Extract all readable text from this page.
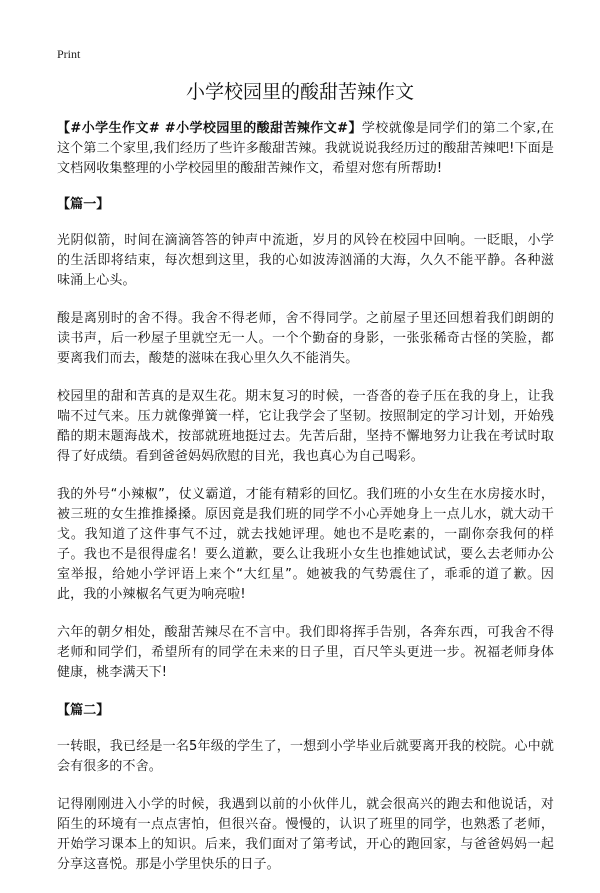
Print
小学校园里的酸甜苦辣作文

【#小学生作文# #小学校园里的酸甜苦辣作文#】学校就像是同学们的第二个家,在这个第二个家里,我们经历了些许多酸甜苦辣。我就说说我经历过的酸甜苦辣吧!下面是文档网收集整理的小学校园里的酸甜苦辣作文，希望对您有所帮助!

【篇一】

光阴似箭，时间在滴滴答答的钟声中流逝，岁月的风铃在校园中回响。一眨眼，小学的生活即将结束，每次想到这里，我的心如波涛汹涌的大海，久久不能平静。各种滋味涌上心头。

酸是离别时的舍不得。我舍不得老师，舍不得同学。之前屋子里还回想着我们朗朗的读书声，后一秒屋子里就空无一人。一个个勤奋的身影，一张张稀奇古怪的笑脸，都要离我们而去，酸楚的滋味在我心里久久不能消失。

校园里的甜和苦真的是双生花。期末复习的时候，一沓沓的卷子压在我的身上，让我喘不过气来。压力就像弹簧一样，它让我学会了坚韧。按照制定的学习计划，开始残酷的期末题海战术，按部就班地挺过去。先苦后甜，坚持不懈地努力让我在考试时取得了好成绩。看到爸爸妈妈欣慰的目光，我也真心为自己喝彩。

我的外号“小辣椒”，仗义霸道，才能有精彩的回忆。我们班的小女生在水房接水时，被三班的女生推推搡搡。原因竟是我们班的同学不小心弄她身上一点儿水，就大动干戈。我知道了这件事气不过，就去找她评理。她也不是吃素的，一副你奈我何的样子。我也不是很得虚名！要么道歉，要么让我班小女生也推她试试，要么去老师办公室举报，给她小学评语上来个“大红星”。她被我的气势震住了，乖乖的道了歉。因此，我的小辣椒名气更为响亮啦!

六年的朝夕相处，酸甜苦辣尽在不言中。我们即将挥手告别，各奔东西，可我舍不得老师和同学们，希望所有的同学在未来的日子里，百尺竿头更进一步。祝福老师身体健康，桃李满天下!

【篇二】

一转眼，我已经是一名5年级的学生了，一想到小学毕业后就要离开我的校院。心中就会有很多的不舍。

记得刚刚进入小学的时候，我遇到以前的小伙伴儿，就会很高兴的跑去和他说话，对陌生的环境有一点点害怕，但很兴奋。慢慢的，认识了班里的同学，也熟悉了老师，开始学习课本上的知识。后来，我们面对了第考试，开心的跑回家，与爸爸妈妈一起分享这喜悦。那是小学里快乐的日子。
